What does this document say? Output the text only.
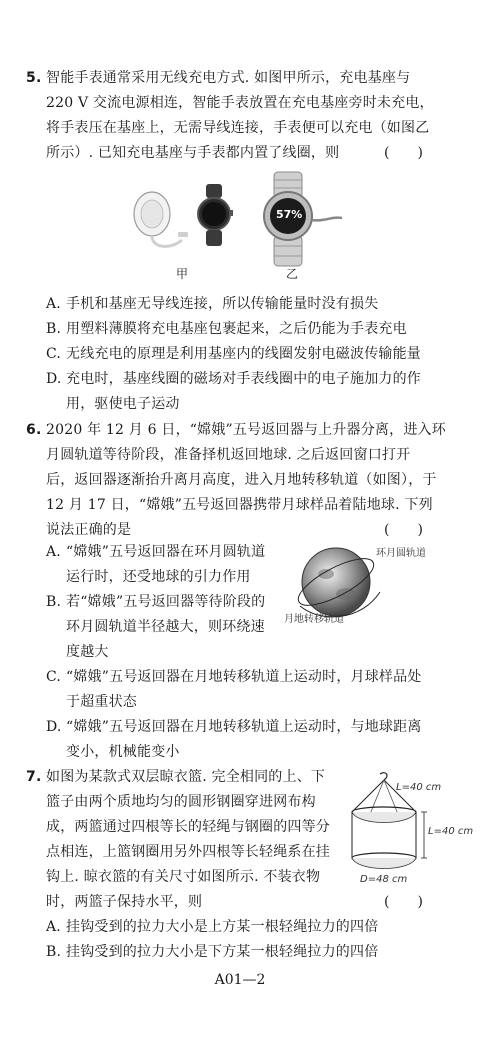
5. 智能手表通常采用无线充电方式. 如图甲所示，充电基座与
220 V 交流电源相连，智能手表放置在充电基座旁时未充电，
将手表压在基座上，无需导线连接，手表便可以充电（如图乙
所示）. 已知充电基座与手表都内置了线圈，则	(　　)
甲
57%
乙
A. 手机和基座无导线连接，所以传输能量时没有损失
B. 用塑料薄膜将充电基座包裹起来，之后仍能为手表充电
C. 无线充电的原理是利用基座内的线圈发射电磁波传输能量
D. 充电时，基座线圈的磁场对手表线圈中的电子施加力的作
用，驱使电子运动
6. 2020 年 12 月 6 日，“嫦娥”五号返回器与上升器分离，进入环
月圆轨道等待阶段，准备择机返回地球. 之后返回窗口打开
后，返回器逐渐抬升离月高度，进入月地转移轨道（如图），于
12 月 17 日，“嫦娥”五号返回器携带月球样品着陆地球. 下列
说法正确的是	(　　)
环月圆轨道
月地转移轨道
A. “嫦娥”五号返回器在环月圆轨道
运行时，还受地球的引力作用
B. 若“嫦娥”五号返回器等待阶段的
环月圆轨道半径越大，则环绕速
度越大
C. “嫦娥”五号返回器在月地转移轨道上运动时，月球样品处
于超重状态
D. “嫦娥”五号返回器在月地转移轨道上运动时，与地球距离
变小，机械能变小
7. 如图为某款式双层晾衣篮. 完全相同的上、下
篮子由两个质地均匀的圆形钢圈穿进网布构
成，两篮通过四根等长的轻绳与钢圈的四等分
点相连，上篮钢圈用另外四根等长轻绳系在挂
钩上. 晾衣篮的有关尺寸如图所示. 不装衣物
时，两篮子保持水平，则	(　　)
L=40 cm
L=40 cm
D=48 cm
A. 挂钩受到的拉力大小是上方某一根轻绳拉力的四倍
B. 挂钩受到的拉力大小是下方某一根轻绳拉力的四倍
A01—2
